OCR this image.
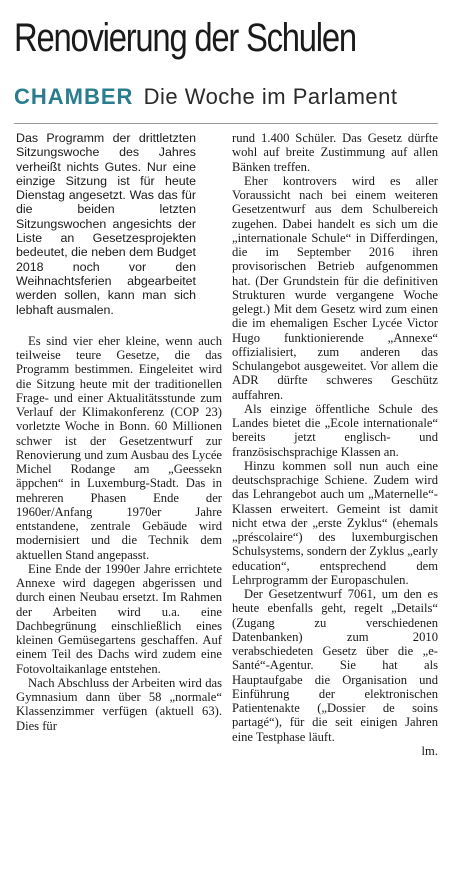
Renovierung der Schulen
CHAMBER Die Woche im Parlament

Das Programm der drittletzten Sitzungswoche des Jahres verheißt nichts Gutes. Nur eine einzige Sitzung ist für heute Dienstag angesetzt. Was das für die beiden letzten Sitzungswochen angesichts der Liste an Gesetzesprojekten bedeutet, die neben dem Budget 2018 noch vor den Weihnachtsferien abgearbeitet werden sollen, kann man sich lebhaft ausmalen.

Es sind vier eher kleine, wenn auch teilweise teure Gesetze, die das Programm bestimmen. Eingeleitet wird die Sitzung heute mit der traditionellen Frage- und einer Aktualitätsstunde zum Verlauf der Klimakonferenz (COP 23) vorletzte Woche in Bonn. 60 Millionen schwer ist der Gesetzentwurf zur Renovierung und zum Ausbau des Lycée Michel Rodange am „Geessekn äppchen“ in Luxemburg-Stadt. Das in mehreren Phasen Ende der 1960er/Anfang 1970er Jahre entstandene, zentrale Gebäude wird modernisiert und die Technik dem aktuellen Stand angepasst.

Eine Ende der 1990er Jahre errichtete Annexe wird dagegen abgerissen und durch einen Neubau ersetzt. Im Rahmen der Arbeiten wird u.a. eine Dachbegrünung einschließlich eines kleinen Gemüsegartens geschaffen. Auf einem Teil des Dachs wird zudem eine Fotovoltaikanlage entstehen.

Nach Abschluss der Arbeiten wird das Gymnasium dann über 58 „normale“ Klassenzimmer verfügen (aktuell 63). Dies für

rund 1.400 Schüler. Das Gesetz dürfte wohl auf breite Zustimmung auf allen Bänken treffen.

Eher kontrovers wird es aller Voraussicht nach bei einem weiteren Gesetzentwurf aus dem Schulbereich zugehen. Dabei handelt es sich um die „internationale Schule“ in Differdingen, die im September 2016 ihren provisorischen Betrieb aufgenommen hat. (Der Grundstein für die definitiven Strukturen wurde vergangene Woche gelegt.) Mit dem Gesetz wird zum einen die im ehemaligen Escher Lycée Victor Hugo funktionierende „Annexe“ offizialisiert, zum anderen das Schulangebot ausgeweitet. Vor allem die ADR dürfte schweres Geschütz auffahren.

Als einzige öffentliche Schule des Landes bietet die „Ecole internationale“ bereits jetzt englisch- und französischsprachige Klassen an.

Hinzu kommen soll nun auch eine deutschsprachige Schiene. Zudem wird das Lehrangebot auch um „Maternelle“-Klassen erweitert. Gemeint ist damit nicht etwa der „erste Zyklus“ (ehemals „préscolaire“) des luxemburgischen Schulsystems, sondern der Zyklus „early education“, entsprechend dem Lehrprogramm der Europaschulen.

Der Gesetzentwurf 7061, um den es heute ebenfalls geht, regelt „Details“ (Zugang zu verschiedenen Datenbanken) zum 2010 verabschiedeten Gesetz über die „e-Santé“-Agentur. Sie hat als Hauptaufgabe die Organisation und Einführung der elektronischen Patientenakte („Dossier de soins partagé“), für die seit einigen Jahren eine Testphase läuft.

lm.
